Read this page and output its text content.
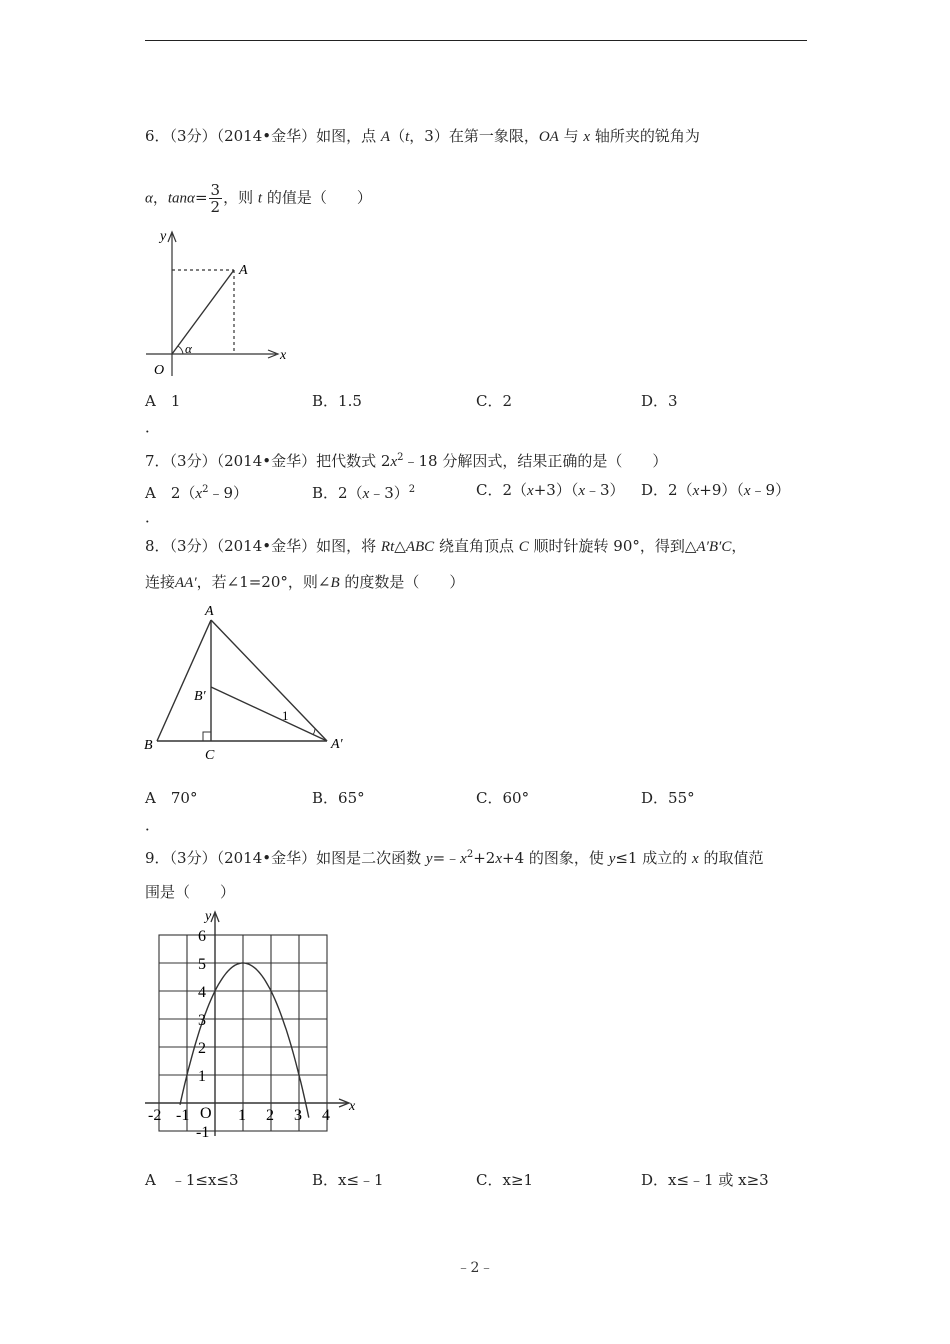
6．（3分）（2014•金华）如图，点 A（t，3）在第一象限，OA 与 x 轴所夹的锐角为
α，$\tan\alpha= \frac{3}{2}$ ，则 t 的值是（　　）
y
x
O
A
α
A　 1	B．1.5	C．2	D．3
．
7．（3分）（2014•金华）把代数式 $2x^2﹣18$ 分解因式，结果正确的是（　　）
A　 $2(x^2﹣9)$	B．2（x﹣3）$^2$	C．2（x+3）（x﹣3） D．2（x+9）（x﹣9）
．
8．（3分）（2014•金华）如图，将 Rt△ABC 绕直角顶点 C 顺时针旋转 90°，得到△A′B′C，
连接AA′，若∠1=20°，则∠B 的度数是（　　）
A
B
C
B′
A′
1
A　 70°	B．65°	C．60°	D．55°
．
9．（3分）（2014•金华）如图是二次函数 $y=﹣x^2+2x+4$ 的图象，使 y≤1 成立的 x 的取值范
围是（　　）
y
x
6
5
4
3
2
1
-1
O
-2 -1	1 2 3 4
A　 ﹣1≤x≤3	B．x≤﹣1	C．x≥1	D．x≤﹣1 或 x≥3
﹣2﹣
